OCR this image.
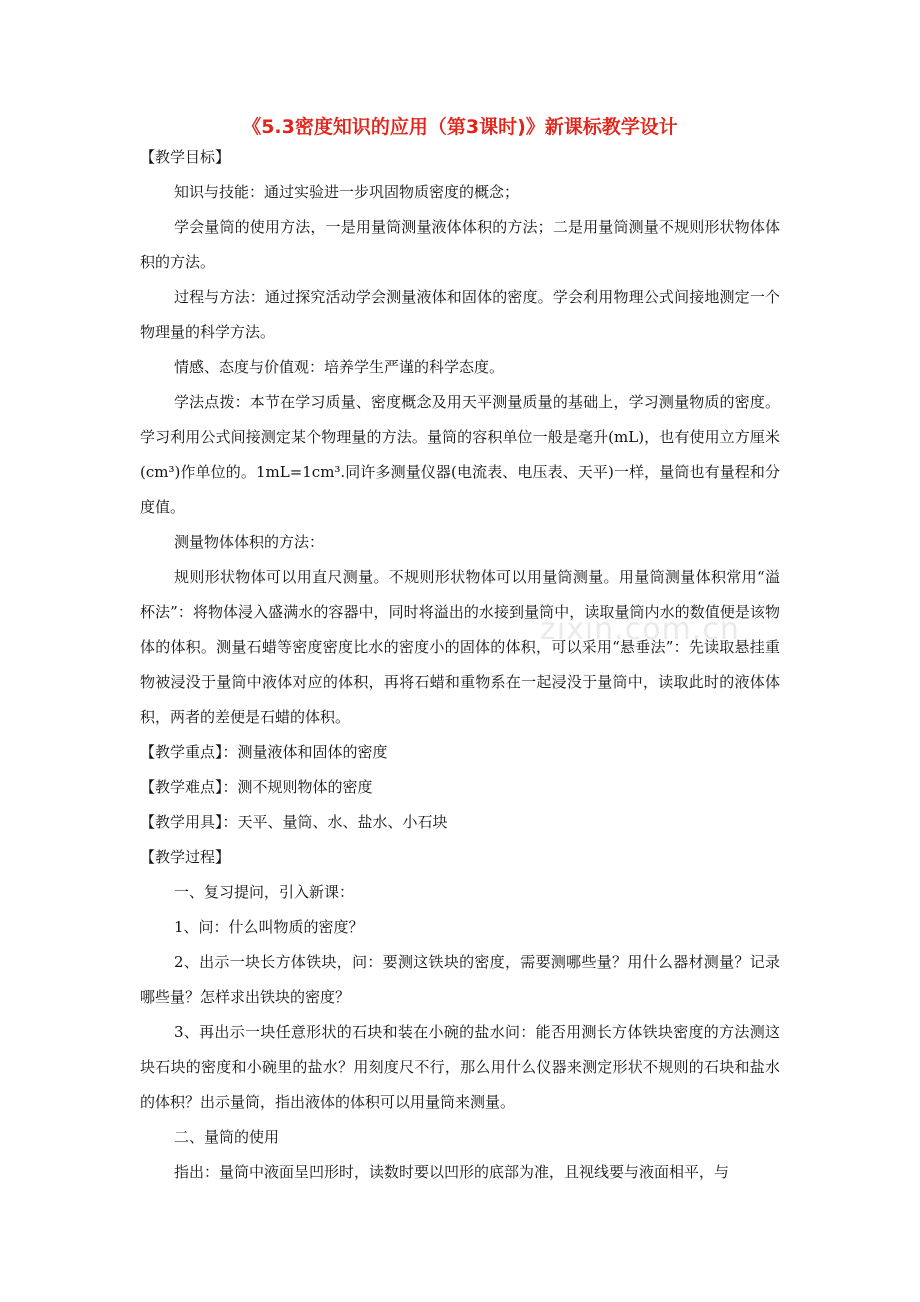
《5.3密度知识的应用（第3课时)》新课标教学设计

【教学目标】

知识与技能：通过实验进一步巩固物质密度的概念；

学会量筒的使用方法，一是用量筒测量液体体积的方法；二是用量筒测量不规则形状物体体积的方法。

过程与方法：通过探究活动学会测量液体和固体的密度。学会利用物理公式间接地测定一个物理量的科学方法。

情感、态度与价值观：培养学生严谨的科学态度。

学法点拨：本节在学习质量、密度概念及用天平测量质量的基础上，学习测量物质的密度。学习利用公式间接测定某个物理量的方法。量筒的容积单位一般是毫升(mL)，也有使用立方厘米(cm³)作单位的。1mL=1cm³.同许多测量仪器(电流表、电压表、天平)一样，量筒也有量程和分度值。

测量物体体积的方法：

规则形状物体可以用直尺测量。不规则形状物体可以用量筒测量。用量筒测量体积常用“溢杯法”：将物体浸入盛满水的容器中，同时将溢出的水接到量筒中，读取量筒内水的数值便是该物体的体积。测量石蜡等密度密度比水的密度小的固体的体积，可以采用“悬垂法”：先读取悬挂重物被浸没于量筒中液体对应的体积，再将石蜡和重物系在一起浸没于量筒中，读取此时的液体体积，两者的差便是石蜡的体积。

【教学重点】：测量液体和固体的密度

【教学难点】：测不规则物体的密度

【教学用具】：天平、量筒、水、盐水、小石块

【教学过程】

一、复习提问，引入新课：

1、问：什么叫物质的密度？

2、出示一块长方体铁块，问：要测这铁块的密度，需要测哪些量？用什么器材测量？记录哪些量？怎样求出铁块的密度？

3、再出示一块任意形状的石块和装在小碗的盐水问：能否用测长方体铁块密度的方法测这块石块的密度和小碗里的盐水？用刻度尺不行，那么用什么仪器来测定形状不规则的石块和盐水的体积？出示量筒，指出液体的体积可以用量筒来测量。

二、量筒的使用

指出：量筒中液面呈凹形时，读数时要以凹形的底部为准，且视线要与液面相平，与

zixin.com.cn
